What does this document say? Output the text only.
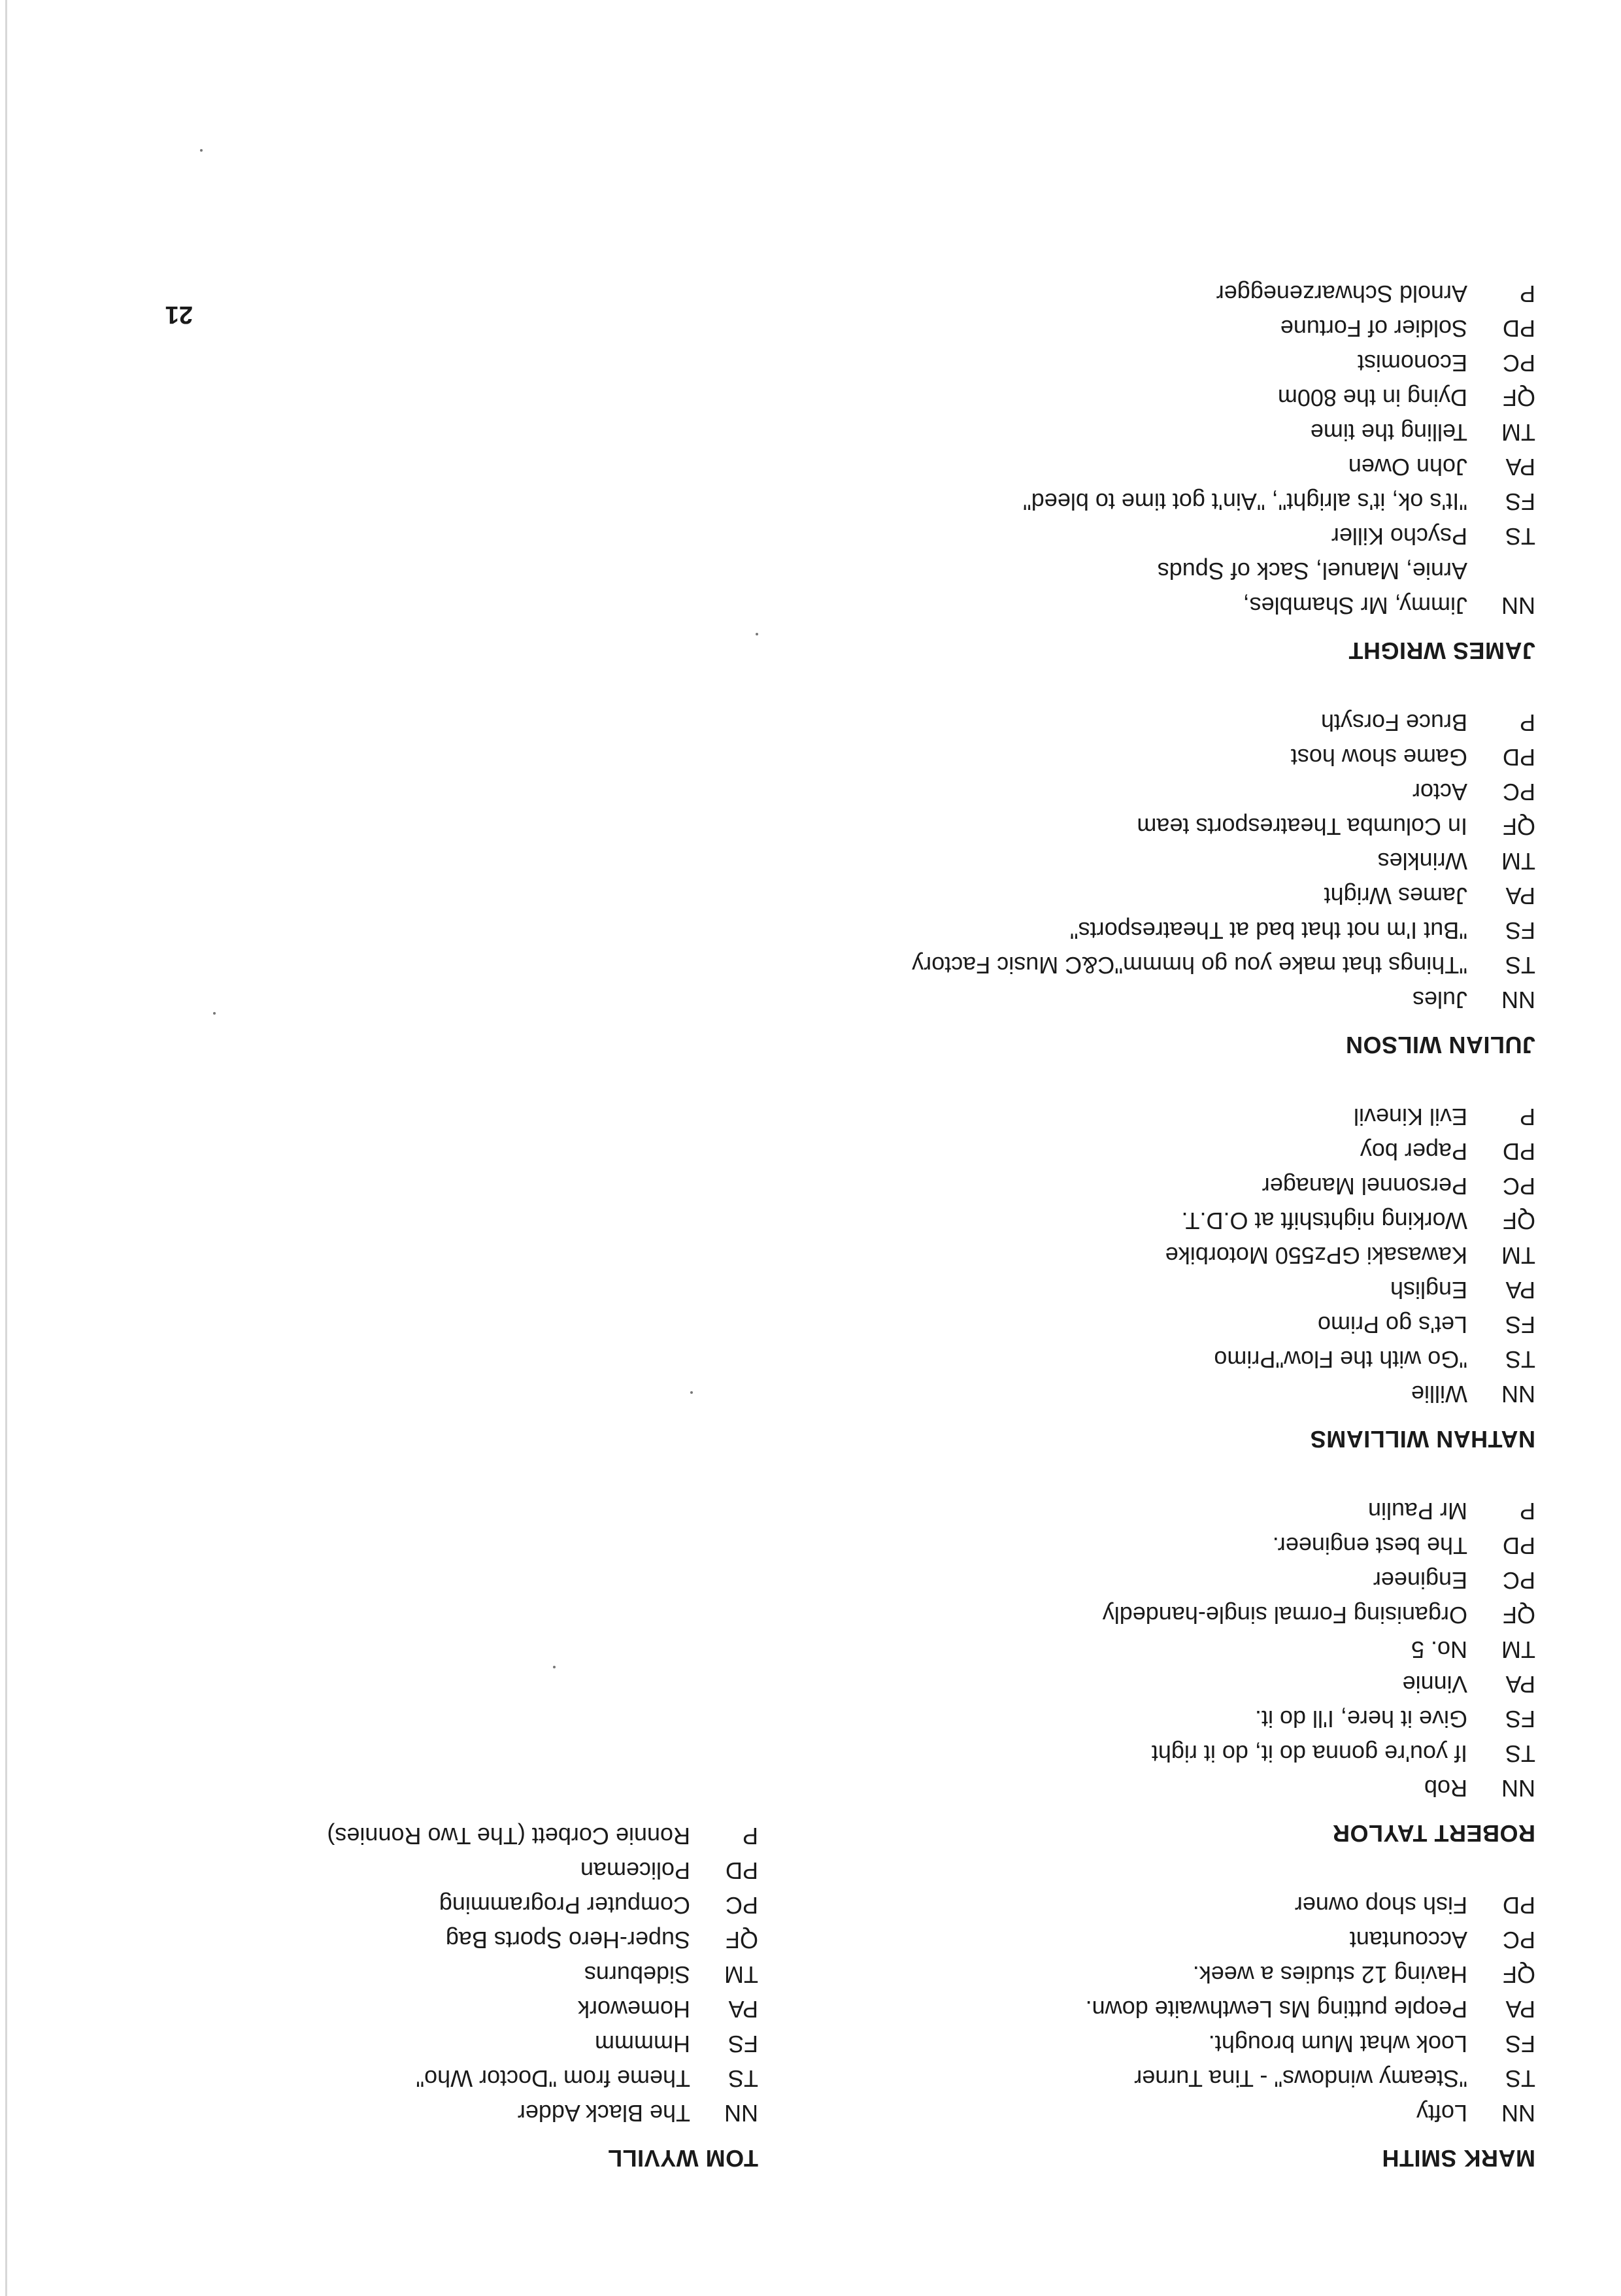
MARK SMITH
NN
Lofty
TS
"Steamy windows" - Tina Turner
FS
Look what Mum brought.
PA
People putting Ms Lewthwaite down.
QF
Having 12 studies a week.
PC
Accountant
PD
Fish shop owner
ROBERT TAYLOR
NN
Rob
TS
If you're gonna do it, do it right
FS
Give it here, I'll do it.
PA
Vinnie
TM
No. 5
QF
Organising Formal single-handedly
PC
Engineer
PD
The best engineer.
P
Mr Paulin
NATHAN WILLIAMS
NN
Willie
TS
"Go with the Flow"Primo
FS
Let's go Primo
PA
English
TM
Kawasaki GPz550 Motorbike
QF
Working nightshift at O.D.T.
PC
Personnel Manager
PD
Paper boy
P
Evil Kinevil
JULIAN WILSON
NN
Jules
TS
"Things that make you go hmmm"C&C Music Factory
FS
"But I'm not that bad at Theatresports"
PA
James Wright
TM
Wrinkles
QF
In Columba Theatresports team
PC
Actor
PD
Game show host
P
Bruce Forsyth
JAMES WRIGHT
NN
Jimmy, Mr Shambles,
Arnie, Manuel, Sack of Spuds
TS
Psycho Killer
FS
"It's ok, it's alright", "Ain't got time to bleed"
PA
John Owen
TM
Telling the time
QF
Dying in the 800m
PC
Economist
PD
Soldier of Fortune
P
Arnold Schwarzenegger
TOM WYVILL
NN
The Black Adder
TS
Theme from "Doctor Who"
FS
Hmmmm
PA
Homework
TM
Sideburns
QF
Super-Hero Sports Bag
PC
Computer Programming
PD
Policeman
P
Ronnie Corbett (The Two Ronnies)
21
